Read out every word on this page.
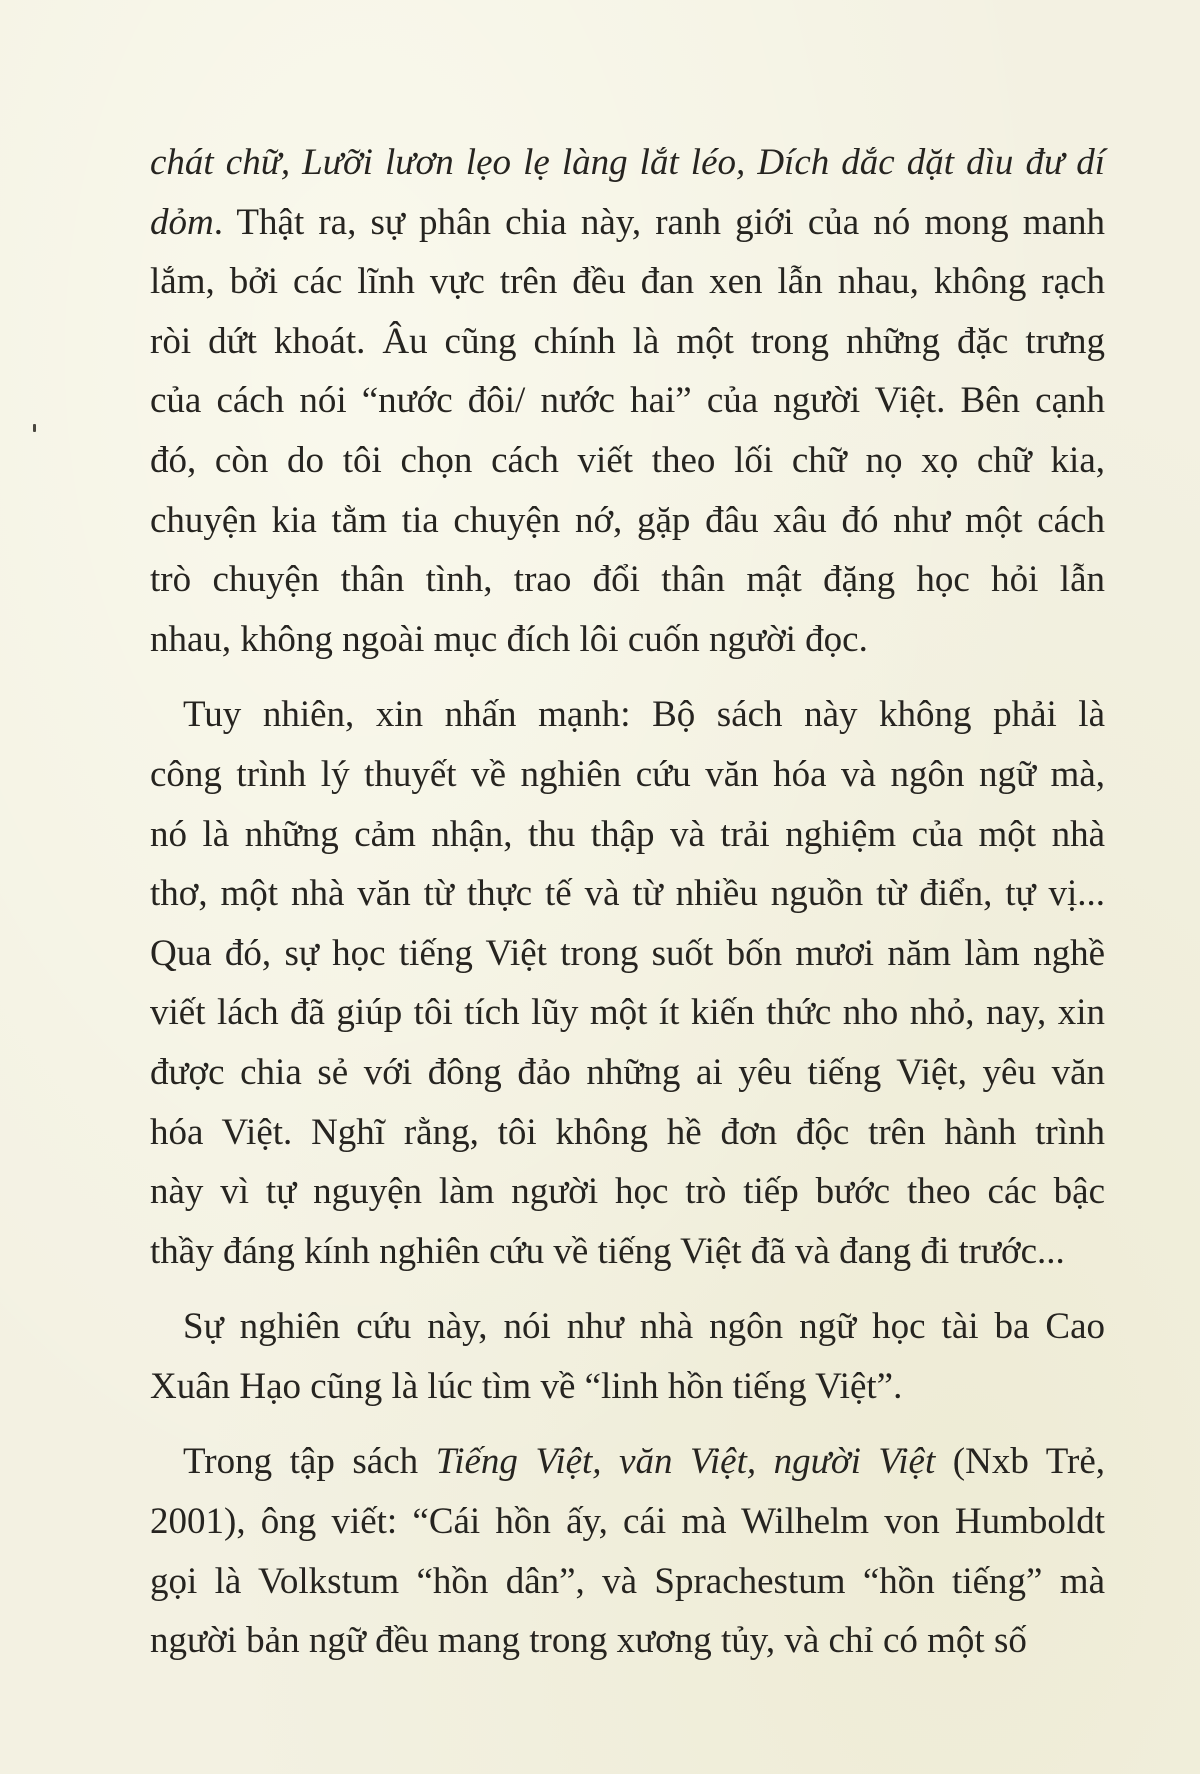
chát chữ, Lưỡi lươn lẹo lẹ làng lắt léo, Dích dắc dặt dìu đư dí
dỏm. Thật ra, sự phân chia này, ranh giới của nó mong manh
lắm, bởi các lĩnh vực trên đều đan xen lẫn nhau, không rạch
ròi dứt khoát. Âu cũng chính là một trong những đặc trưng
của cách nói “nước đôi/ nước hai” của người Việt. Bên cạnh
đó, còn do tôi chọn cách viết theo lối chữ nọ xọ chữ kia,
chuyện kia tằm tia chuyện nớ, gặp đâu xâu đó như một cách
trò chuyện thân tình, trao đổi thân mật đặng học hỏi lẫn
nhau, không ngoài mục đích lôi cuốn người đọc.
Tuy nhiên, xin nhấn mạnh: Bộ sách này không phải là
công trình lý thuyết về nghiên cứu văn hóa và ngôn ngữ mà,
nó là những cảm nhận, thu thập và trải nghiệm của một nhà
thơ, một nhà văn từ thực tế và từ nhiều nguồn từ điển, tự vị...
Qua đó, sự học tiếng Việt trong suốt bốn mươi năm làm nghề
viết lách đã giúp tôi tích lũy một ít kiến thức nho nhỏ, nay, xin
được chia sẻ với đông đảo những ai yêu tiếng Việt, yêu văn
hóa Việt. Nghĩ rằng, tôi không hề đơn độc trên hành trình
này vì tự nguyện làm người học trò tiếp bước theo các bậc
thầy đáng kính nghiên cứu về tiếng Việt đã và đang đi trước...
Sự nghiên cứu này, nói như nhà ngôn ngữ học tài ba Cao
Xuân Hạo cũng là lúc tìm về “linh hồn tiếng Việt”.
Trong tập sách Tiếng Việt, văn Việt, người Việt (Nxb Trẻ,
2001), ông viết: “Cái hồn ấy, cái mà Wilhelm von Humboldt
gọi là Volkstum “hồn dân”, và Sprachestum “hồn tiếng” mà
người bản ngữ đều mang trong xương tủy, và chỉ có một số
